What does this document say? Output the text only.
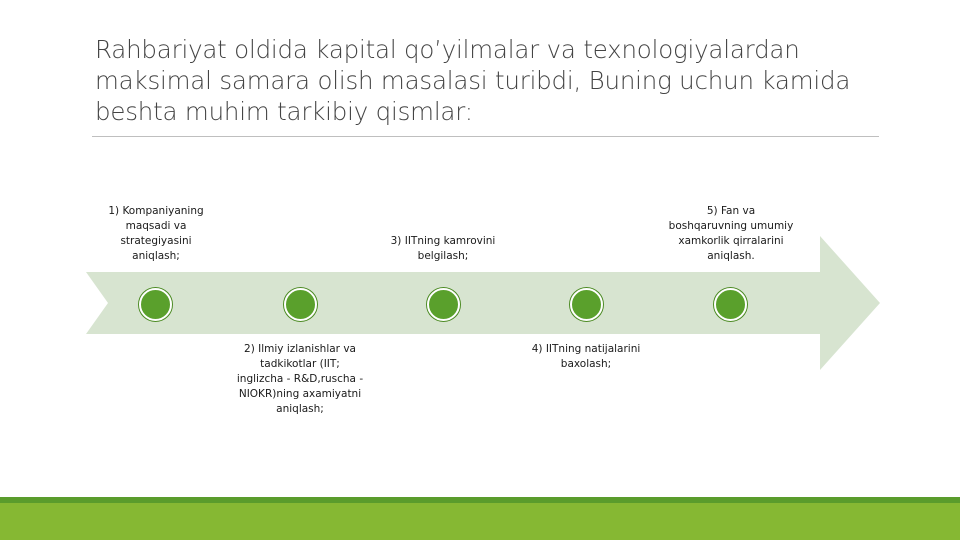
Rahbariyat oldida kapital qo’yilmalar va texnologiyalardan maksimal samara olish masalasi turibdi, Buning uchun kamida beshta muhim tarkibiy qismlar:
1) Kompaniyaning maqsadi va strategiyasini aniqlash;
2) Ilmiy izlanishlar va tadkikotlar (IIT; inglizcha - R&D,ruscha - NIOKR)ning axamiyatni aniqlash;
3) IITning kamrovini belgilash;
4) IITning natijalarini baxolash;
5) Fan va boshqaruvning umumiy xamkorlik qirralarini aniqlash.
